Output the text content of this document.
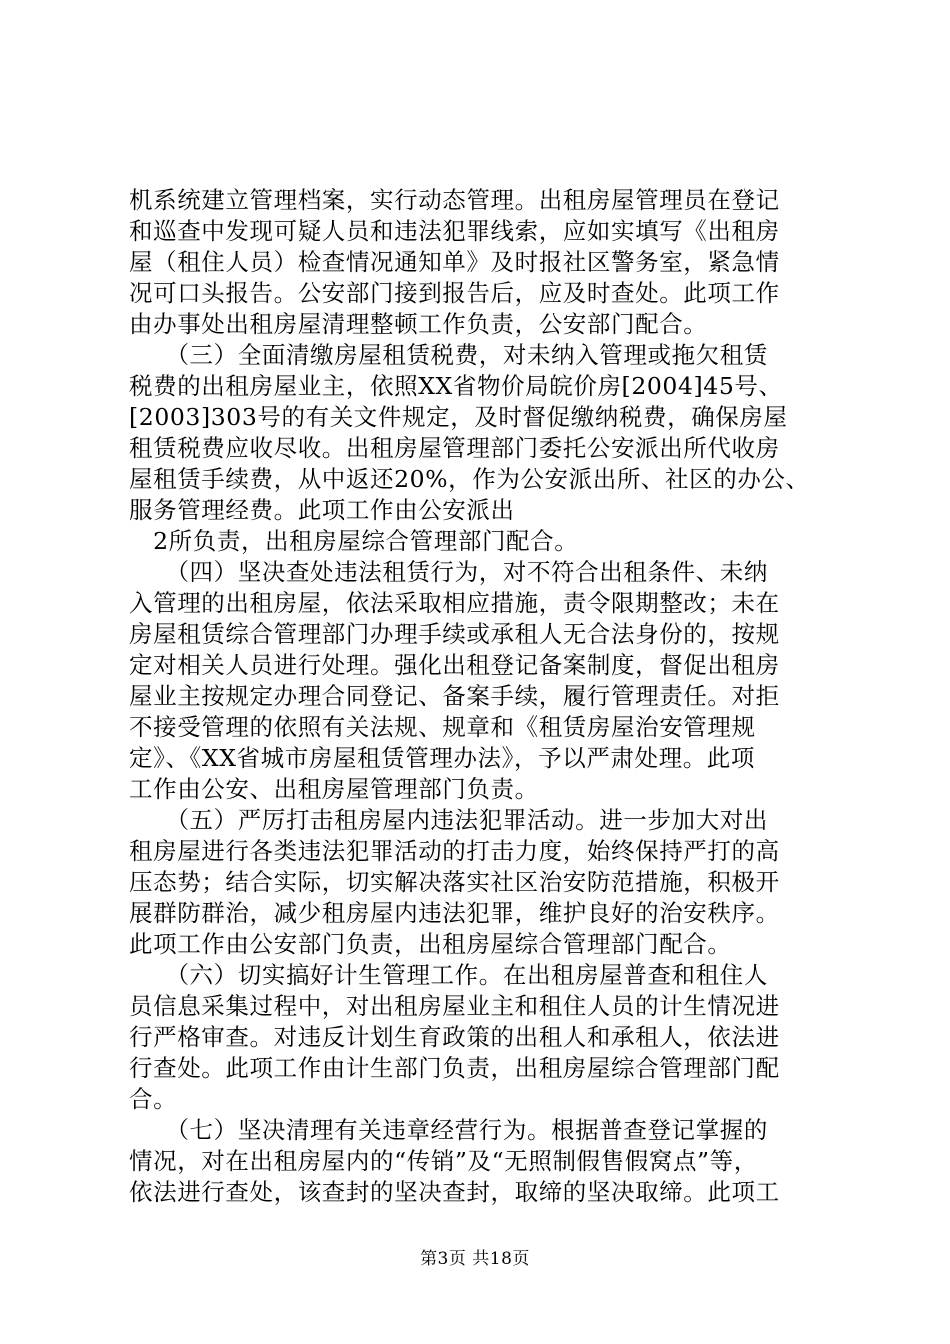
机系统建立管理档案，实行动态管理。出租房屋管理员在登记
和巡查中发现可疑人员和违法犯罪线索，应如实填写《出租房
屋（租住人员）检查情况通知单》及时报社区警务室，紧急情
况可口头报告。公安部门接到报告后，应及时查处。此项工作
由办事处出租房屋清理整顿工作负责，公安部门配合。
　　（三）全面清缴房屋租赁税费，对未纳入管理或拖欠租赁
税费的出租房屋业主，依照XX省物价局皖价房[2004]45号、
[2003]303号的有关文件规定，及时督促缴纳税费，确保房屋
租赁税费应收尽收。出租房屋管理部门委托公安派出所代收房
屋租赁手续费，从中返还20%，作为公安派出所、社区的办公、
服务管理经费。此项工作由公安派出
　2所负责，出租房屋综合管理部门配合。
　　（四）坚决查处违法租赁行为，对不符合出租条件、未纳
入管理的出租房屋，依法采取相应措施，责令限期整改；未在
房屋租赁综合管理部门办理手续或承租人无合法身份的，按规
定对相关人员进行处理。强化出租登记备案制度，督促出租房
屋业主按规定办理合同登记、备案手续，履行管理责任。对拒
不接受管理的依照有关法规、规章和《租赁房屋治安管理规
定》、《XX省城市房屋租赁管理办法》，予以严肃处理。此项
工作由公安、出租房屋管理部门负责。
　　（五）严厉打击租房屋内违法犯罪活动。进一步加大对出
租房屋进行各类违法犯罪活动的打击力度，始终保持严打的高
压态势；结合实际，切实解决落实社区治安防范措施，积极开
展群防群治，减少租房屋内违法犯罪，维护良好的治安秩序。
此项工作由公安部门负责，出租房屋综合管理部门配合。
　　（六）切实搞好计生管理工作。在出租房屋普查和租住人
员信息采集过程中，对出租房屋业主和租住人员的计生情况进
行严格审查。对违反计划生育政策的出租人和承租人，依法进
行查处。此项工作由计生部门负责，出租房屋综合管理部门配
合。
　　（七）坚决清理有关违章经营行为。根据普查登记掌握的
情况，对在出租房屋内的“传销”及“无照制假售假窝点”等，
依法进行查处，该查封的坚决查封，取缔的坚决取缔。此项工
第3页 共18页
